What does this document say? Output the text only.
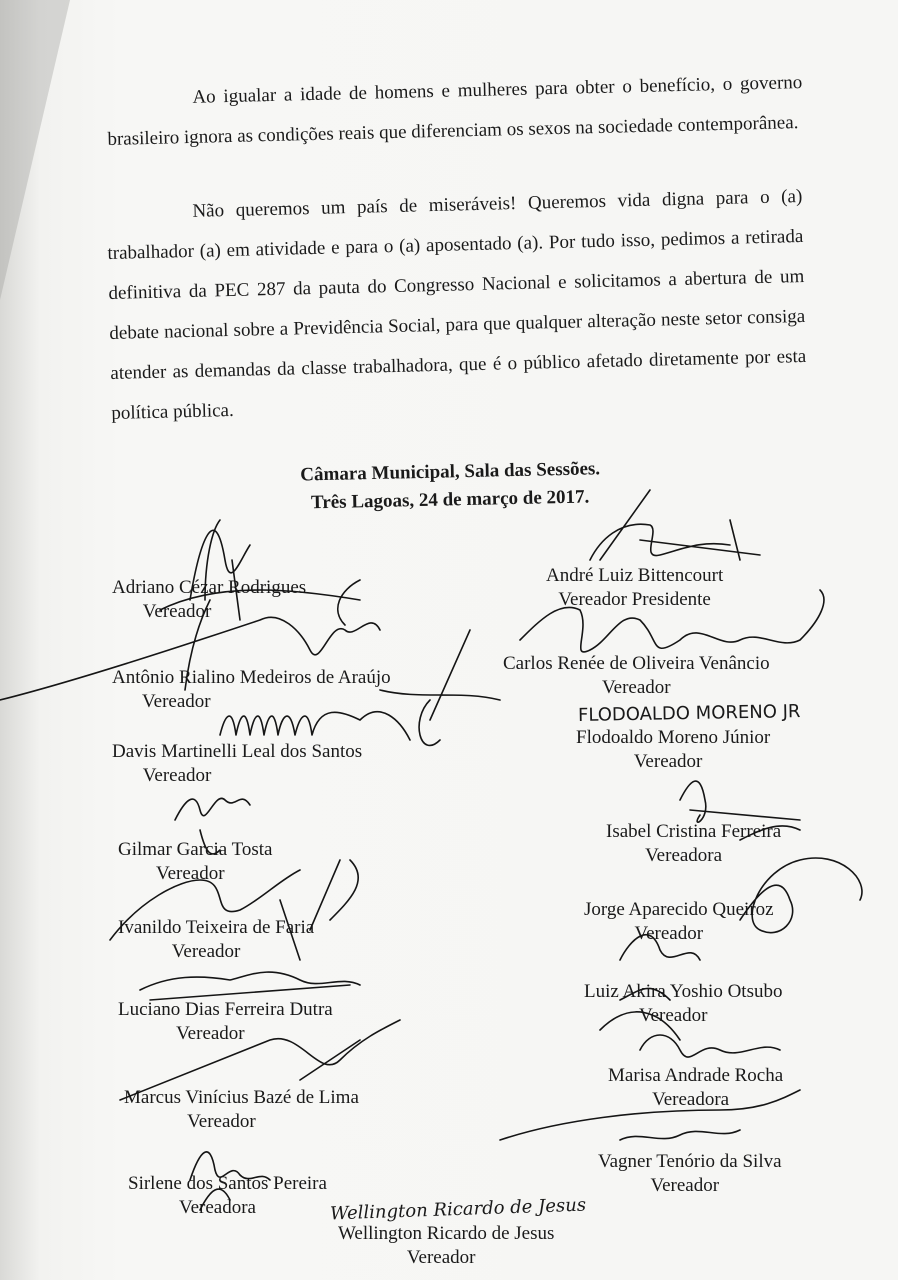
Ao igualar a idade de homens e mulheres para obter o benefício, o governo brasileiro ignora as condições reais que diferenciam os sexos na sociedade contemporânea.
Não queremos um país de miseráveis! Queremos vida digna para o (a) trabalhador (a) em atividade e para o (a) aposentado (a). Por tudo isso, pedimos a retirada definitiva da PEC 287 da pauta do Congresso Nacional e solicitamos a abertura de um debate nacional sobre a Previdência Social, para que qualquer alteração neste setor consiga atender as demandas da classe trabalhadora, que é o público afetado diretamente por esta política pública.
Câmara Municipal, Sala das Sessões.
Três Lagoas, 24 de março de 2017.
Adriano Cézar Rodrigues
Vereador
Antônio Rialino Medeiros de Araújo
Vereador
Davis Martinelli Leal dos Santos
Vereador
Gilmar Garcia Tosta
Vereador
Ivanildo Teixeira de Faria
Vereador
Luciano Dias Ferreira Dutra
Vereador
Marcus Vinícius Bazé de Lima
Vereador
Sirlene dos Santos Pereira
Vereadora
André Luiz Bittencourt
Vereador Presidente
Carlos Renée de Oliveira Venâncio
Vereador
Flodoaldo Moreno Júnior
Vereador
Isabel Cristina Ferreira
Vereadora
Jorge Aparecido Queiroz
Vereador
Luiz Akira Yoshio Otsubo
Vereador
Marisa Andrade Rocha
Vereadora
Vagner Tenório da Silva
Vereador
Wellington Ricardo de Jesus
Vereador
FLODOALDO MORENO JR
Wellington Ricardo de Jesus
